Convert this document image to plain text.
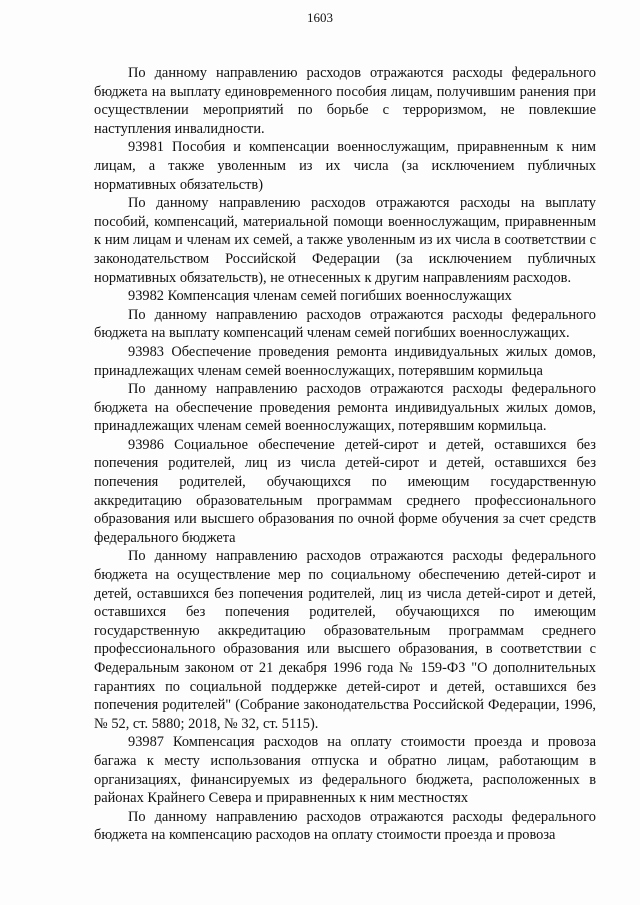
1603

По данному направлению расходов отражаются расходы федерального бюджета на выплату единовременного пособия лицам, получившим ранения при осуществлении мероприятий по борьбе с терроризмом, не повлекшие наступления инвалидности.

93981 Пособия и компенсации военнослужащим, приравненным к ним лицам, а также уволенным из их числа (за исключением публичных нормативных обязательств)

По данному направлению расходов отражаются расходы на выплату пособий, компенсаций, материальной помощи военнослужащим, приравненным к ним лицам и членам их семей, а также уволенным из их числа в соответствии с законодательством Российской Федерации (за исключением публичных нормативных обязательств), не отнесенных к другим направлениям расходов.

93982 Компенсация членам семей погибших военнослужащих

По данному направлению расходов отражаются расходы федерального бюджета на выплату компенсаций членам семей погибших военнослужащих.

93983 Обеспечение проведения ремонта индивидуальных жилых домов, принадлежащих членам семей военнослужащих, потерявшим кормильца

По данному направлению расходов отражаются расходы федерального бюджета на обеспечение проведения ремонта индивидуальных жилых домов, принадлежащих членам семей военнослужащих, потерявшим кормильца.

93986 Социальное обеспечение детей-сирот и детей, оставшихся без попечения родителей, лиц из числа детей-сирот и детей, оставшихся без попечения родителей, обучающихся по имеющим государственную аккредитацию образовательным программам среднего профессионального образования или высшего образования по очной форме обучения за счет средств федерального бюджета

По данному направлению расходов отражаются расходы федерального бюджета на осуществление мер по социальному обеспечению детей-сирот и детей, оставшихся без попечения родителей, лиц из числа детей-сирот и детей, оставшихся без попечения родителей, обучающихся по имеющим государственную аккредитацию образовательным программам среднего профессионального образования или высшего образования, в соответствии с Федеральным законом от 21 декабря 1996 года № 159-ФЗ "О дополнительных гарантиях по социальной поддержке детей-сирот и детей, оставшихся без попечения родителей" (Собрание законодательства Российской Федерации, 1996, № 52, ст. 5880; 2018, № 32, ст. 5115).

93987 Компенсация расходов на оплату стоимости проезда и провоза багажа к месту использования отпуска и обратно лицам, работающим в организациях, финансируемых из федерального бюджета, расположенных в районах Крайнего Севера и приравненных к ним местностях

По данному направлению расходов отражаются расходы федерального бюджета на компенсацию расходов на оплату стоимости проезда и провоза
